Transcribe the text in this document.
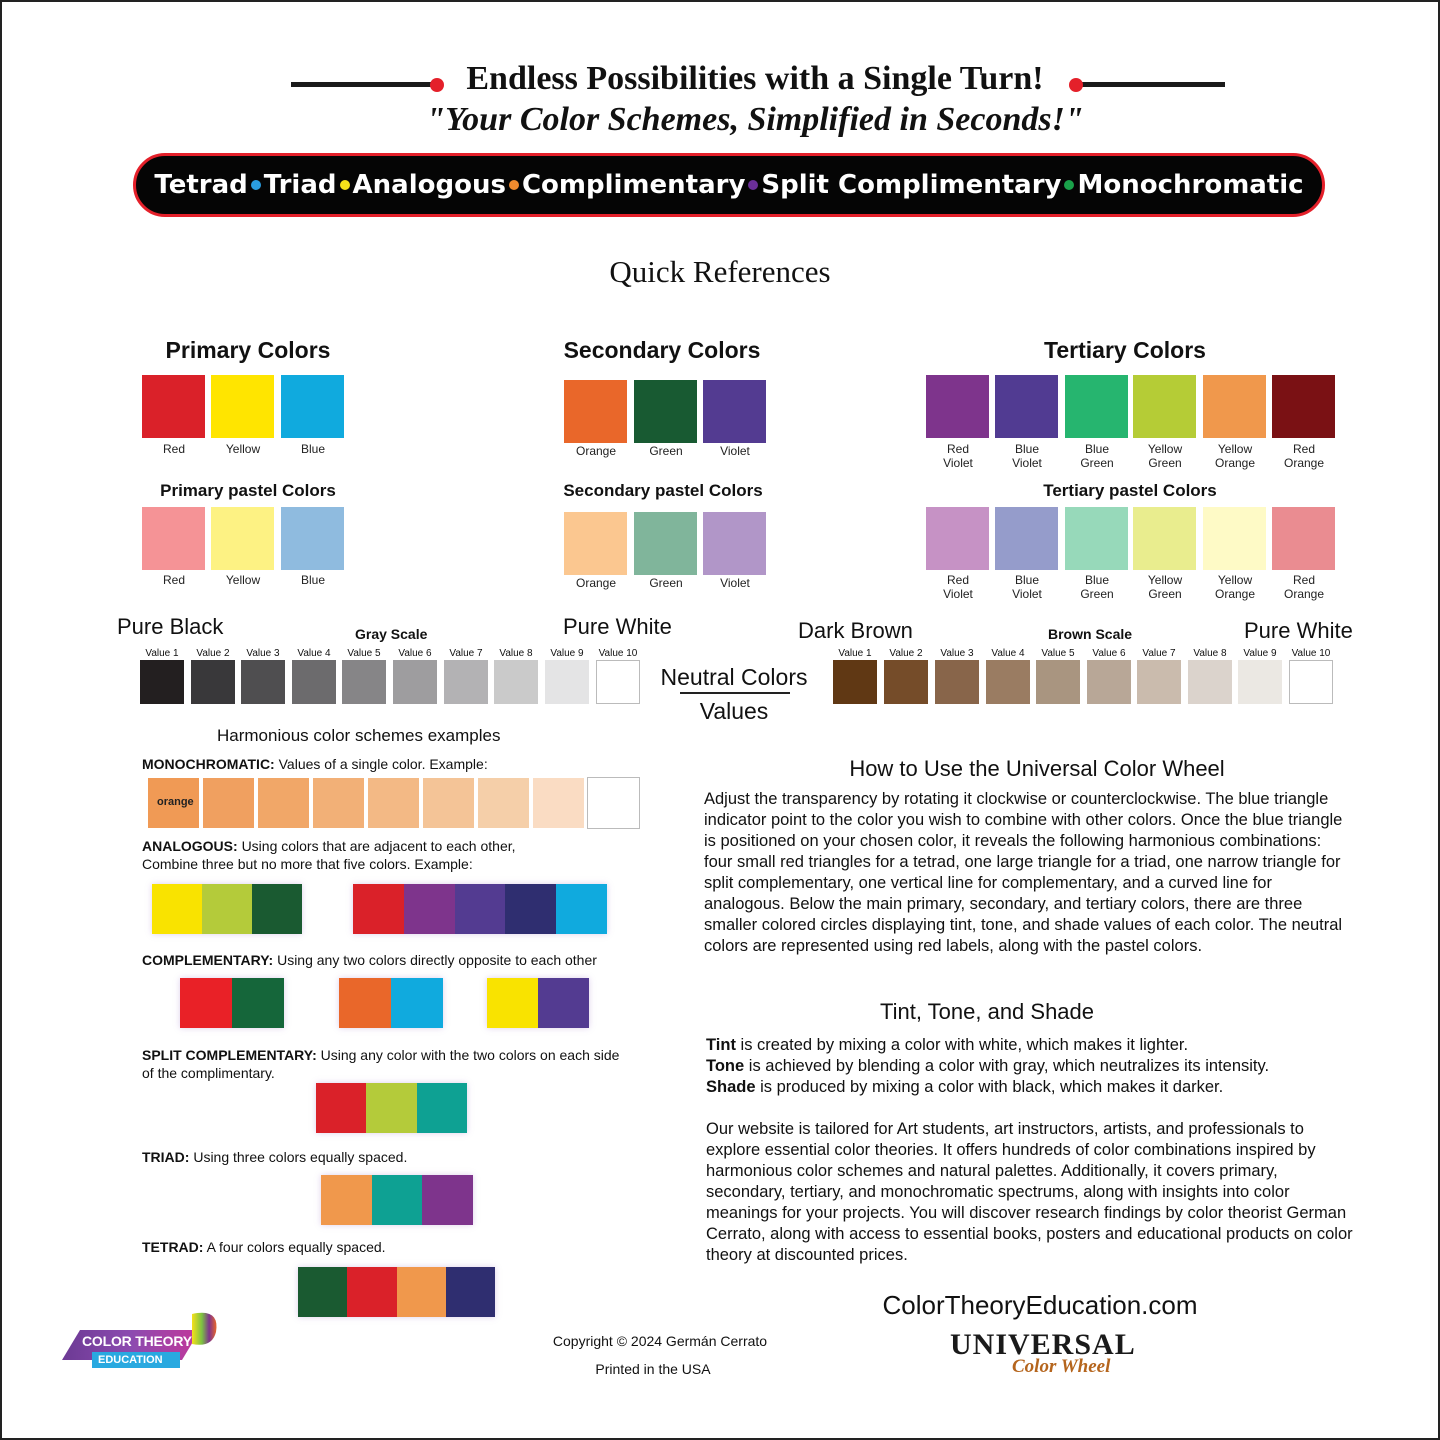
Endless Possibilities with a Single Turn!
"Your Color Schemes, Simplified in Seconds!"
Tetrad Triad Analogous Complimentary Split Complimentary Monochromatic
Quick References
Primary Colors	Secondary Colors	Tertiary Colors
Primary pastel Colors	Secondary pastel Colors	Tertiary pastel Colors
Red	Yellow	Blue
Red	Yellow	Blue
Orange	Green	Violet
Orange	Green	Violet
Red
Violet
Blue
Violet
Blue
Green
Yellow
Green
Yellow
Orange
Red
Orange
Red
Violet
Blue
Violet
Blue
Green
Yellow
Green
Yellow
Orange
Red
Orange
Pure Black	Gray Scale	Pure White	Dark Brown	Brown Scale	Pure White
Neutral Colors
Values
Value 1	Value 2	Value 3	Value 4	Value 5	Value 6	Value 7	Value 8	Value 9	Value 10	Value 1	Value 2	Value 3	Value 4	Value 5	Value 6	Value 7	Value 8	Value 9	Value 10
Harmonious color schemes examples
MONOCHROMATIC: Values of a single color. Example:
orange
ANALOGOUS: Using colors that are adjacent to each other,
Combine three but no more that five colors. Example:
COMPLEMENTARY: Using any two colors directly opposite to each other
SPLIT COMPLEMENTARY: Using any color with the two colors on each side
of the complimentary.
TRIAD: Using three colors equally spaced.
TETRAD: A four colors equally spaced.
How to Use the Universal Color Wheel
Adjust the transparency by rotating it clockwise or counterclockwise. The blue triangle indicator point to the color you wish to combine with other colors. Once the blue triangle is positioned on your chosen color, it reveals the following harmonious combinations: four small red triangles for a tetrad, one large triangle for a triad, one narrow triangle for split complementary, one vertical line for complementary, and a curved line for analogous. Below the main primary, secondary, and tertiary colors, there are three smaller colored circles displaying tint, tone, and shade values of each color. The neutral colors are represented using red labels, along with the pastel colors.
Tint, Tone, and Shade
Tint is created by mixing a color with white, which makes it lighter.
Tone is achieved by blending a color with gray, which neutralizes its intensity.
Shade is produced by mixing a color with black, which makes it darker.
Our website is tailored for Art students, art instructors, artists, and professionals to explore essential color theories. It offers hundreds of color combinations inspired by harmonious color schemes and natural palettes. Additionally, it covers primary, secondary, tertiary, and monochromatic spectrums, along with insights into color meanings for your projects. You will discover research findings by color theorist German Cerrato, along with access to essential books, posters and educational products on color theory at discounted prices.
ColorTheoryEducation.com
Copyright © 2024 Germán Cerrato
Printed in the USA
COLOR THEORY
EDUCATION	UNIVERSAL
Color Wheel
